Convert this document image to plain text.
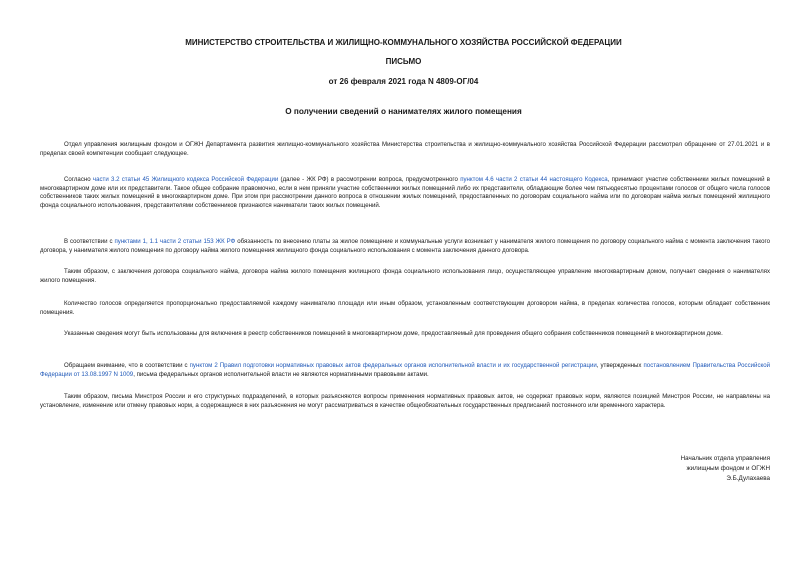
МИНИСТЕРСТВО СТРОИТЕЛЬСТВА И ЖИЛИЩНО-КОММУНАЛЬНОГО ХОЗЯЙСТВА РОССИЙСКОЙ ФЕДЕРАЦИИ
ПИСЬМО
от 26 февраля 2021 года N 4809-ОГ/04
О получении сведений о нанимателях жилого помещения

Отдел управления жилищным фондом и ОГЖН Департамента развития жилищно-коммунального хозяйства Министерства строительства и жилищно-коммунального хозяйства Российской Федерации рассмотрел обращение от 27.01.2021 и в пределах своей компетенции сообщает следующее.

Согласно части 3.2 статьи 45 Жилищного кодекса Российской Федерации (далее - ЖК РФ) в рассмотрении вопроса, предусмотренного пунктом 4.6 части 2 статьи 44 настоящего Кодекса, принимают участие собственники жилых помещений в многоквартирном доме или их представители. Такое общее собрание правомочно, если в нем приняли участие собственники жилых помещений либо их представители, обладающие более чем пятьюдесятью процентами голосов от общего числа голосов собственников таких жилых помещений в многоквартирном доме. При этом при рассмотрении данного вопроса в отношении жилых помещений, предоставленных по договорам социального найма или по договорам найма жилых помещений жилищного фонда социального использования, представителями собственников признаются наниматели таких жилых помещений.

В соответствии с пунктами 1, 1.1 части 2 статьи 153 ЖК РФ обязанность по внесению платы за жилое помещение и коммунальные услуги возникает у нанимателя жилого помещения по договору социального найма с момента заключения такого договора, у нанимателя жилого помещения по договору найма жилого помещения жилищного фонда социального использования с момента заключения данного договора.

Таким образом, с заключения договора социального найма, договора найма жилого помещения жилищного фонда социального использования лицо, осуществляющее управление многоквартирным домом, получает сведения о нанимателях жилого помещения.

Количество голосов определяется пропорционально предоставляемой каждому нанимателю площади или иным образом, установленным соответствующим договором найма, в пределах количества голосов, которым обладает собственник помещения.

Указанные сведения могут быть использованы для включения в реестр собственников помещений в многоквартирном доме, предоставляемый для проведения общего собрания собственников помещений в многоквартирном доме.

Обращаем внимание, что в соответствии с пунктом 2 Правил подготовки нормативных правовых актов федеральных органов исполнительной власти и их государственной регистрации, утвержденных постановлением Правительства Российской Федерации от 13.08.1997 N 1009, письма федеральных органов исполнительной власти не являются нормативными правовыми актами.

Таким образом, письма Минстроя России и его структурных подразделений, в которых разъясняются вопросы применения нормативных правовых актов, не содержат правовых норм, являются позицией Минстроя России, не направлены на установление, изменение или отмену правовых норм, а содержащиеся в них разъяснения не могут рассматриваться в качестве общеобязательных государственных предписаний постоянного или временного характера.

Начальник отдела управления
жилищным фондом и ОГЖН
Э.Б.Дулахаева
